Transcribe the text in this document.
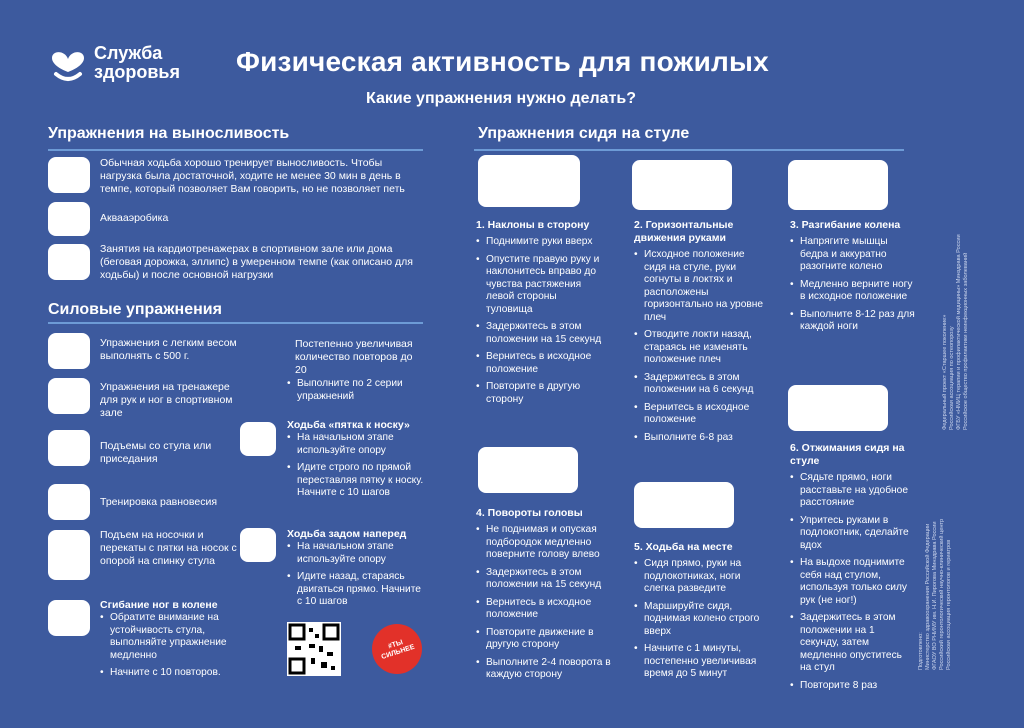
Служба
здоровья Физическая активность для пожилых
Какие упражнения нужно делать?
Упражнения на выносливость
Обычная ходьба хорошо тренирует выносливость. Чтобы нагрузка была достаточной, ходите не менее 30 мин в день в темпе, который позволяет Вам говорить, но не позволяет петь
Аквааэробика
Занятия на кардиотренажерах в спортивном зале или дома (беговая дорожка, эллипс) в умеренном темпе (как описано для ходьбы) и после основной нагрузки
Силовые упражнения
Упражнения с легким весом выполнять с 500 г.
Упражнения на тренажере для рук и ног в спортивном зале
Подъемы со стула или приседания
Тренировка равновесия
Подъем на носочки и перекаты с пятки на носок с опорой на спинку стула
Сгибание ног в колене
• Обратите внимание на устойчивость стула, выполняйте упражнение медленно
• Начните с 10 повторов.
Постепенно увеличивая количество повторов до 20
• Выполните по 2 серии упражнений
Ходьба «пятка к носку»
• На начальном этапе используйте опору
• Идите строго по прямой переставляя пятку к носку. Начните с 10 шагов
Ходьба задом наперед
• На начальном этапе используйте опору
• Идите назад, стараясь двигаться прямо. Начните с 10 шагов
#ТЫ СИЛЬНЕЕ
Упражнения сидя на стуле
1. Наклоны в сторону
• Поднимите руки вверх
• Опустите правую руку и наклонитесь вправо до чувства растяжения левой стороны туловища
• Задержитесь в этом положении на 15 секунд
• Вернитесь в исходное положение
• Повторите в другую сторону
2. Горизонтальные движения руками
• Исходное положение сидя на стуле, руки согнуты в локтях и расположены горизонтально на уровне плеч
• Отводите локти назад, стараясь не изменять положение плеч
• Задержитесь в этом положении на 6 секунд
• Вернитесь в исходное положение
• Выполните 6-8 раз
3. Разгибание колена
• Напрягите мышцы бедра и аккуратно разогните колено
• Медленно верните ногу в исходное положение
• Выполните 8-12 раз для каждой ноги
6. Отжимания сидя на стуле
• Сядьте прямо, ноги расставьте на удобное расстояние
• Упритесь руками в подлокотник, сделайте вдох
• На выдохе поднимите себя над стулом, используя только силу рук (не ног!)
• Задержитесь в этом положении на 1 секунду, затем медленно опуститесь на стул
• Повторите 8 раз
4. Повороты головы
• Не поднимая и опуская подбородок медленно поверните голову влево
• Задержитесь в этом положении на 15 секунд
• Вернитесь в исходное положение
• Повторите движение в другую сторону
• Выполните 2-4 поворота в каждую сторону
5. Ходьба на месте
• Сидя прямо, руки на подлокотниках, ноги слегка разведите
• Маршируйте сидя, поднимая колено строго вверх
• Начните с 1 минуты, постепенно увеличивая время до 5 минут
Подготовлено: Министерство здравоохранения Российской Федерации ФГАОУ ВО РНИМУ им. Н.И. Пирогова Минздрава России Российский геронтологический научно-клинический центр Российская ассоциация геронтологов и гериатров
Федеральный проект «Старшее поколение» Российская ассоциация по остеопорозу ФГБУ «НМИЦ терапии и профилактической медицины» Минздрава России Российское общество профилактики неинфекционных заболеваний
